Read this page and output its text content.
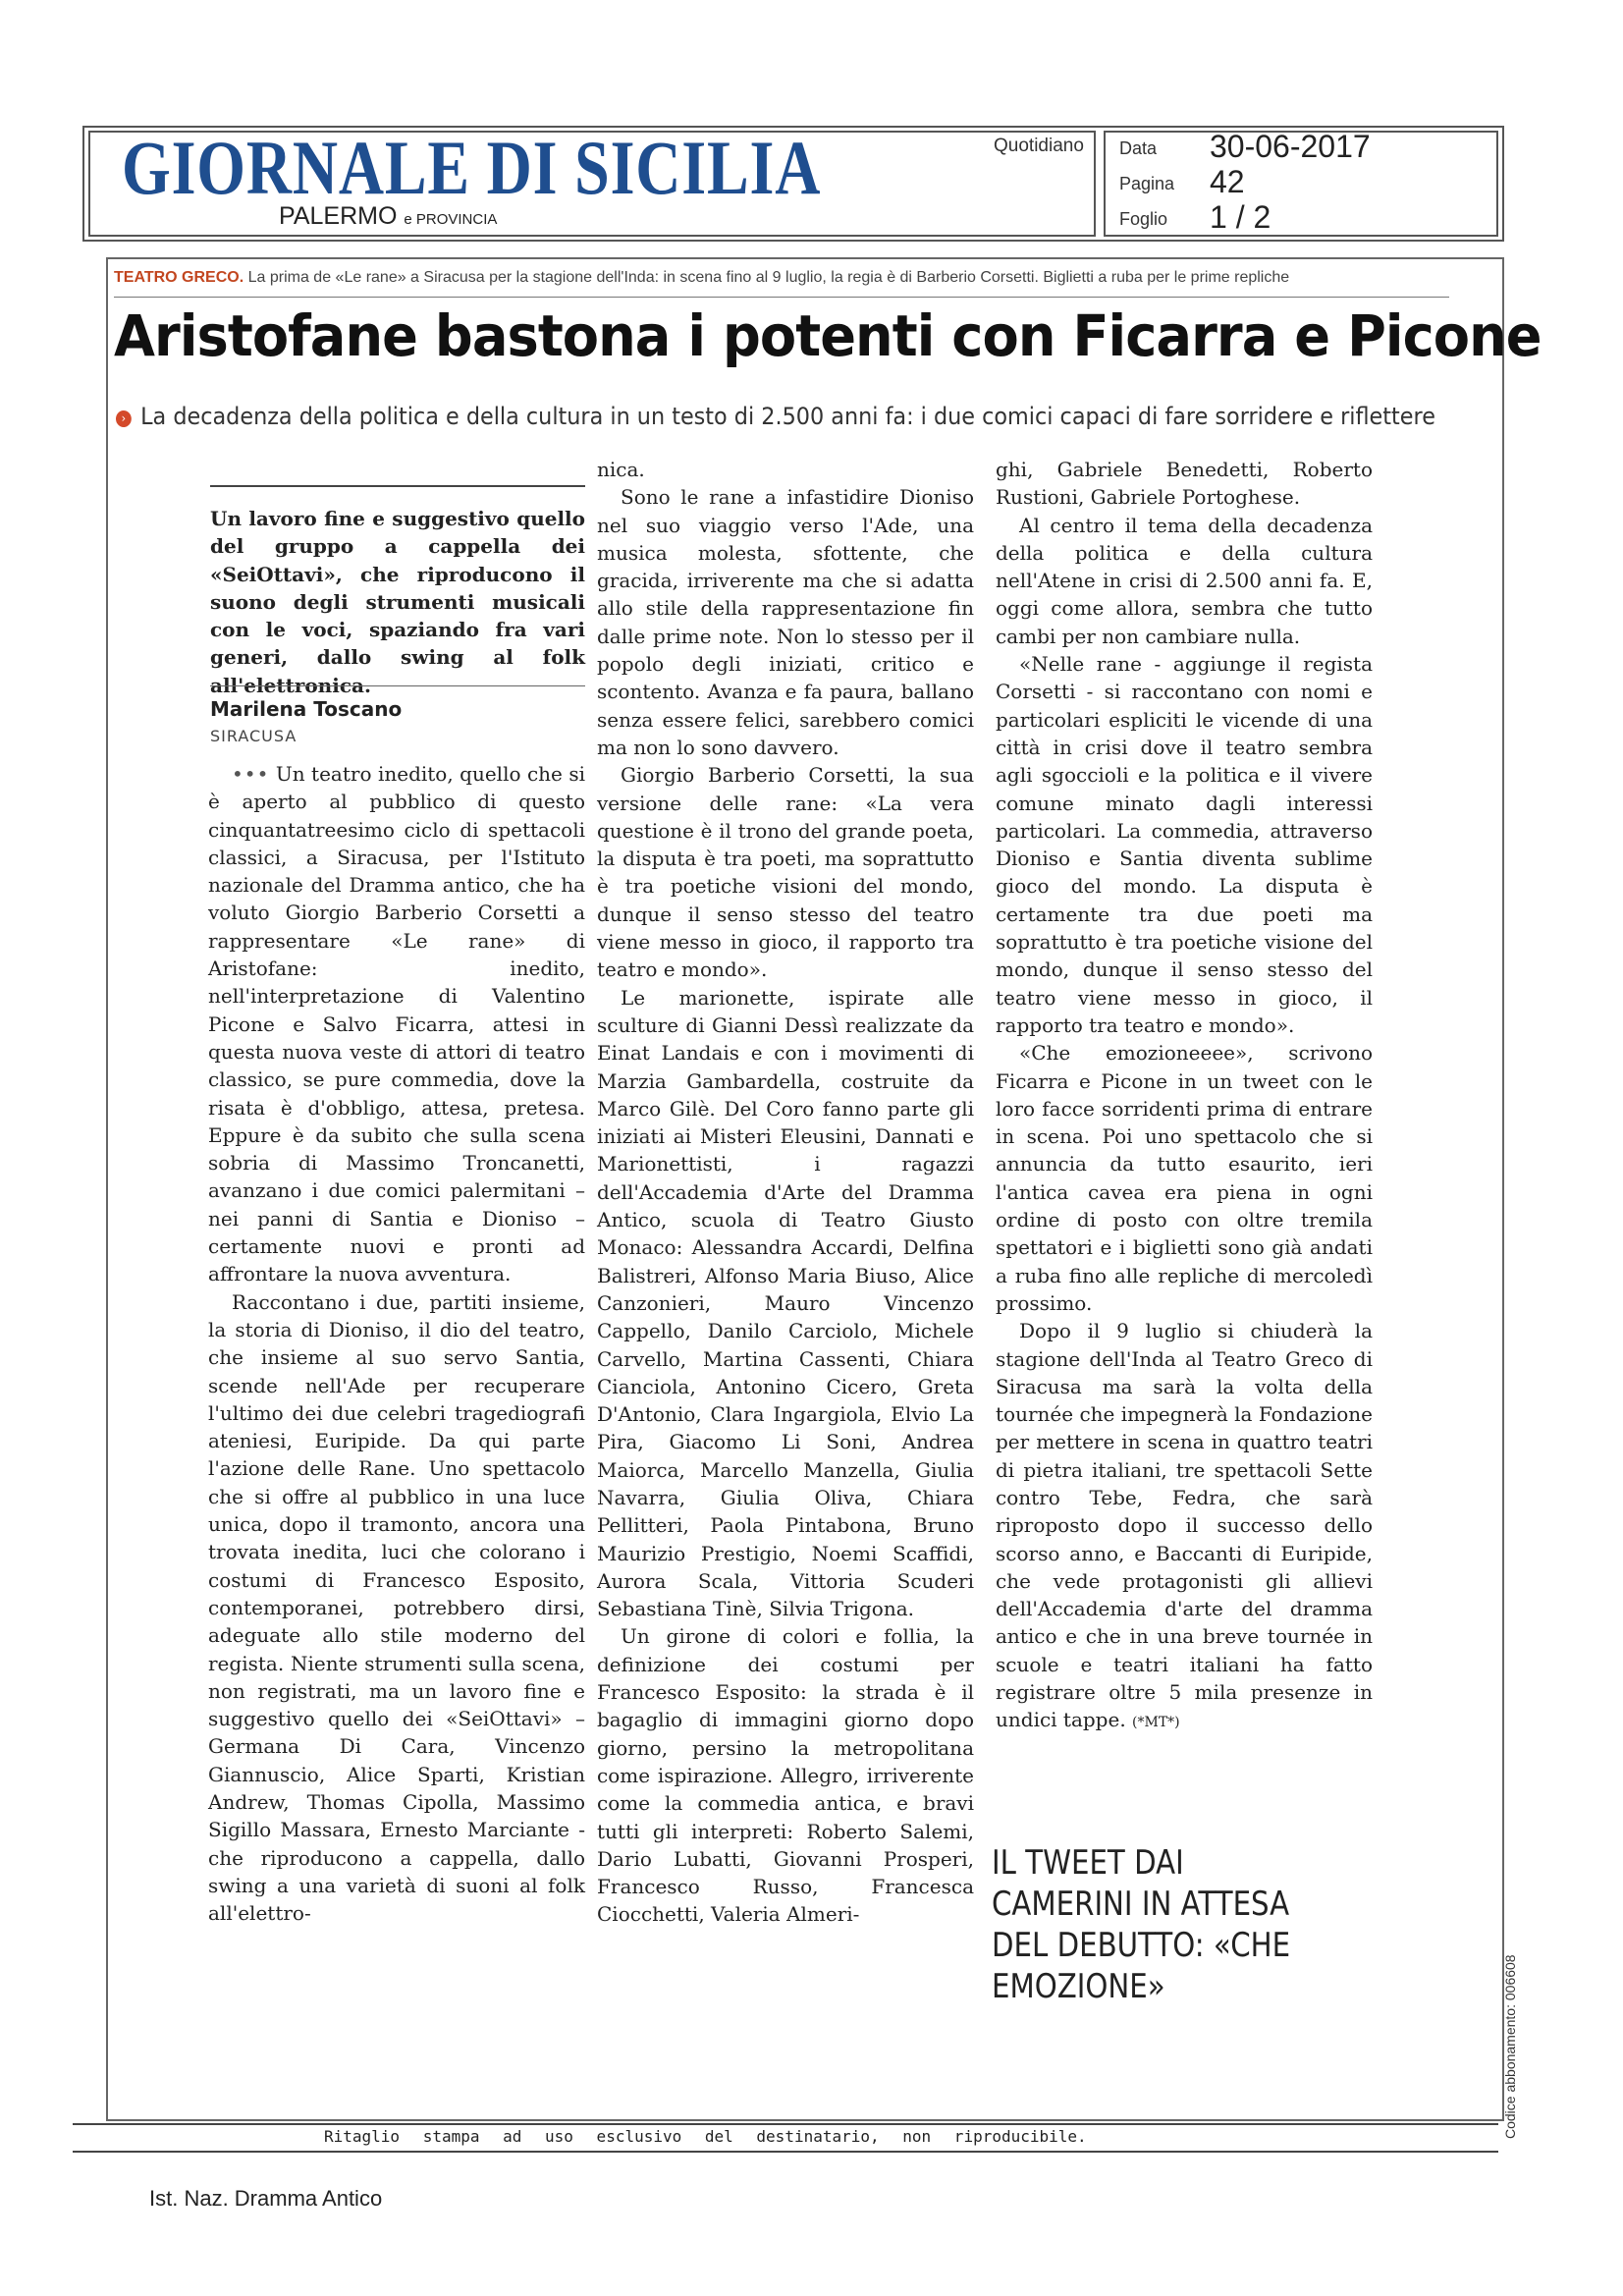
GIORNALE DI SICILIA
PALERMO e PROVINCIA
Quotidiano Data 30-06-2017
Pagina 42
Foglio 1 / 2
TEATRO GRECO. La prima de «Le rane» a Siracusa per la stagione dell'Inda: in scena fino al 9 luglio, la regia è di Barberio Corsetti. Biglietti a ruba per le prime repliche
Aristofane bastona i potenti con Ficarra e Picone
› La decadenza della politica e della cultura in un testo di 2.500 anni fa: i due comici capaci di fare sorridere e riflettere
Un lavoro fine e suggestivo quello del gruppo a cappella dei «SeiOttavi», che riproducono il suono degli strumenti musicali con le voci, spaziando fra vari generi, dallo swing al folk all'elettronica.
Marilena Toscano
SIRACUSA

••• Un teatro inedito, quello che si è aperto al pubblico di questo cinquantatreesimo ciclo di spettacoli classici, a Siracusa, per l'Istituto nazionale del Dramma antico, che ha voluto Giorgio Barberio Corsetti a rappresentare «Le rane» di Aristofane: inedito, nell'interpretazione di Valentino Picone e Salvo Ficarra, attesi in questa nuova veste di attori di teatro classico, se pure commedia, dove la risata è d'obbligo, attesa, pretesa. Eppure è da subito che sulla scena sobria di Massimo Troncanetti, avanzano i due comici palermitani – nei panni di Santia e Dioniso – certamente nuovi e pronti ad affrontare la nuova avventura.

Raccontano i due, partiti insieme, la storia di Dioniso, il dio del teatro, che insieme al suo servo Santia, scende nell'Ade per recuperare l'ultimo dei due celebri tragediografi ateniesi, Euripide. Da qui parte l'azione delle Rane. Uno spettacolo che si offre al pubblico in una luce unica, dopo il tramonto, ancora una trovata inedita, luci che colorano i costumi di Francesco Esposito, contemporanei, potrebbero dirsi, adeguate allo stile moderno del regista. Niente strumenti sulla scena, non registrati, ma un lavoro fine e suggestivo quello dei «SeiOttavi» – Germana Di Cara, Vincenzo Giannuscio, Alice Sparti, Kristian Andrew, Thomas Cipolla, Massimo Sigillo Massara, Ernesto Marciante - che riproducono a cappella, dallo swing a una varietà di suoni al folk all'elettro-

nica.

Sono le rane a infastidire Dioniso nel suo viaggio verso l'Ade, una musica molesta, sfottente, che gracida, irriverente ma che si adatta allo stile della rappresentazione fin dalle prime note. Non lo stesso per il popolo degli iniziati, critico e scontento. Avanza e fa paura, ballano senza essere felici, sarebbero comici ma non lo sono davvero.

Giorgio Barberio Corsetti, la sua versione delle rane: «La vera questione è il trono del grande poeta, la disputa è tra poeti, ma soprattutto è tra poetiche visioni del mondo, dunque il senso stesso del teatro viene messo in gioco, il rapporto tra teatro e mondo».

Le marionette, ispirate alle sculture di Gianni Dessì realizzate da Einat Landais e con i movimenti di Marzia Gambardella, costruite da Marco Gilè. Del Coro fanno parte gli iniziati ai Misteri Eleusini, Dannati e Marionettisti, i ragazzi dell'Accademia d'Arte del Dramma Antico, scuola di Teatro Giusto Monaco: Alessandra Accardi, Delfina Balistreri, Alfonso Maria Biuso, Alice Canzonieri, Mauro Vincenzo Cappello, Danilo Carciolo, Michele Carvello, Martina Cassenti, Chiara Cianciola, Antonino Cicero, Greta D'Antonio, Clara Ingargiola, Elvio La Pira, Giacomo Li Soni, Andrea Maiorca, Marcello Manzella, Giulia Navarra, Giulia Oliva, Chiara Pellitteri, Paola Pintabona, Bruno Maurizio Prestigio, Noemi Scaffidi, Aurora Scala, Vittoria Scuderi Sebastiana Tinè, Silvia Trigona.

Un girone di colori e follia, la definizione dei costumi per Francesco Esposito: la strada è il bagaglio di immagini giorno dopo giorno, persino la metropolitana come ispirazione. Allegro, irriverente come la commedia antica, e bravi tutti gli interpreti: Roberto Salemi, Dario Lubatti, Giovanni Prosperi, Francesco Russo, Francesca Ciocchetti, Valeria Almeri-

ghi, Gabriele Benedetti, Roberto Rustioni, Gabriele Portoghese.

Al centro il tema della decadenza della politica e della cultura nell'Atene in crisi di 2.500 anni fa. E, oggi come allora, sembra che tutto cambi per non cambiare nulla.

«Nelle rane - aggiunge il regista Corsetti - si raccontano con nomi e particolari espliciti le vicende di una città in crisi dove il teatro sembra agli sgoccioli e la politica e il vivere comune minato dagli interessi particolari. La commedia, attraverso Dioniso e Santia diventa sublime gioco del mondo. La disputa è certamente tra due poeti ma soprattutto è tra poetiche visione del mondo, dunque il senso stesso del teatro viene messo in gioco, il rapporto tra teatro e mondo».

«Che emozioneeee», scrivono Ficarra e Picone in un tweet con le loro facce sorridenti prima di entrare in scena. Poi uno spettacolo che si annuncia da tutto esaurito, ieri l'antica cavea era piena in ogni ordine di posto con oltre tremila spettatori e i biglietti sono già andati a ruba fino alle repliche di mercoledì prossimo.

Dopo il 9 luglio si chiuderà la stagione dell'Inda al Teatro Greco di Siracusa ma sarà la volta della tournée che impegnerà la Fondazione per mettere in scena in quattro teatri di pietra italiani, tre spettacoli Sette contro Tebe, Fedra, che sarà riproposto dopo il successo dello scorso anno, e Baccanti di Euripide, che vede protagonisti gli allievi dell'Accademia d'arte del dramma antico e che in una breve tournée in scuole e teatri italiani ha fatto registrare oltre 5 mila presenze in undici tappe. (*MT*)

IL TWEET DAI CAMERINI IN ATTESA DEL DEBUTTO: «CHE EMOZIONE»
Ritaglio stampa ad uso esclusivo del destinatario, non riproducibile.	Codice abbonamento: 006608
Ist. Naz. Dramma Antico
